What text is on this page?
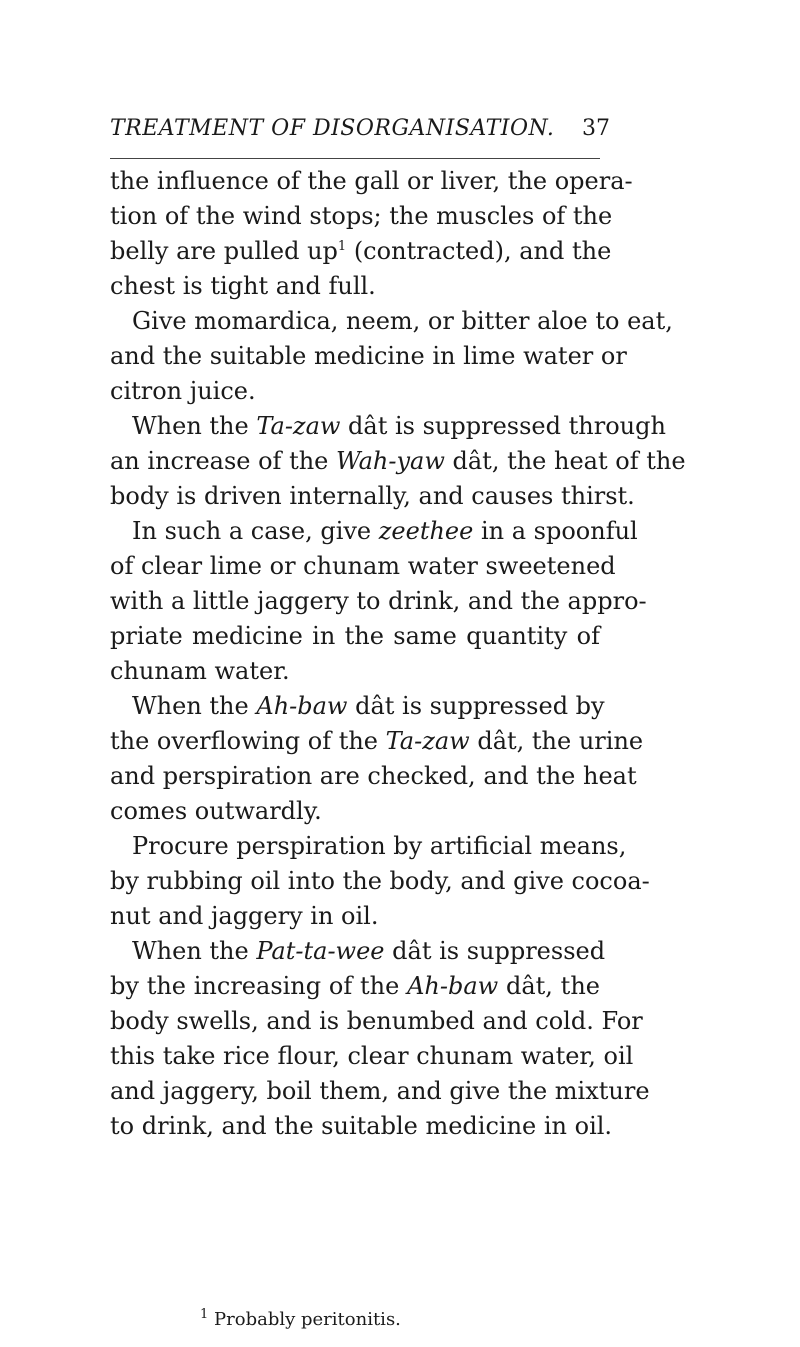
TREATMENT OF DISORGANISATION. 37
the influence of the gall or liver, the opera-
tion of the wind stops; the muscles of the
belly are pulled $up^1$ (contracted), and the
chest is tight and full.
Give momardica, neem, or bitter aloe to eat,
and the suitable medicine in lime water or
citron juice.
When the Ta-zaw dât is suppressed through
an increase of the Wah-yaw dât, the heat of the
body is driven internally, and causes thirst.
In such a case, give zeethee in a spoonful
of clear lime or chunam water sweetened
with a little jaggery to drink, and the appro-
priate medicine in the same quantity of
chunam water.
When the Ah-baw dât is suppressed by
the overflowing of the Ta-zaw dât, the urine
and perspiration are checked, and the heat
comes outwardly.
Procure perspiration by artificial means,
by rubbing oil into the body, and give cocoa-
nut and jaggery in oil.
When the Pat-ta-wee dât is suppressed
by the increasing of the Ah-baw dât, the
body swells, and is benumbed and cold. For
this take rice flour, clear chunam water, oil
and jaggery, boil them, and give the mixture
to drink, and the suitable medicine in oil.
$^1$ Probably peritonitis.
